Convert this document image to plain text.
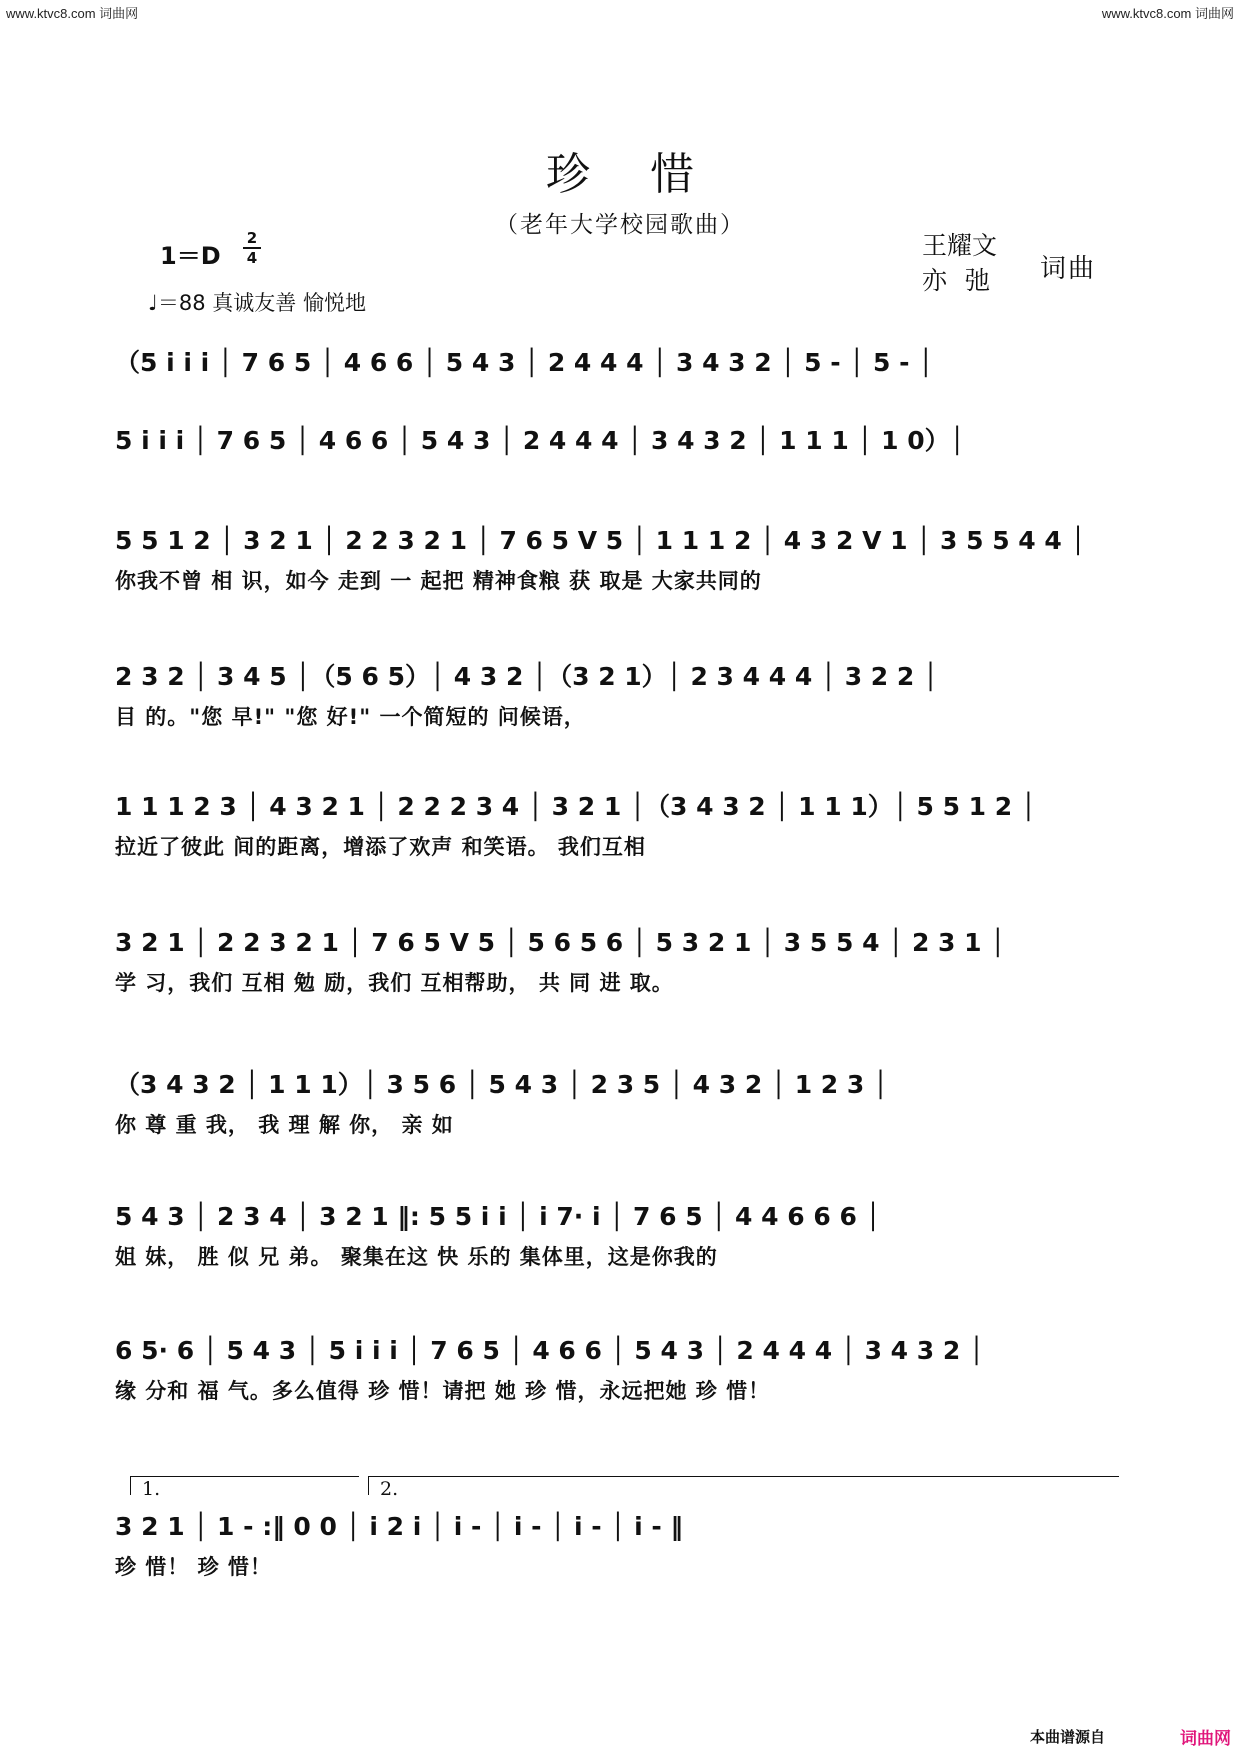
www.ktvc8.com 词曲网	www.ktvc8.com 词曲网
珍惜
（老年大学校园歌曲）
1＝D
2
4
♩＝88 真诚友善 愉悦地
王耀文
亦弛 词曲
（5 i i i │ 7 6 5 │ 4 6 6 │ 5 4 3 │ 2 4 4 4 │ 3 4 3 2 │ 5 - │ 5 - │
5 i i i │ 7 6 5 │ 4 6 6 │ 5 4 3 │ 2 4 4 4 │ 3 4 3 2 │ 1 1 1 │ 1 0）│
5 5 1 2 │ 3 2 1 │ 2 2 3 2 1 │ 7 6 5 V 5 │ 1 1 1 2 │ 4 3 2 V 1 │ 3 5 5 4 4 │
你我不曾 相 识，如今 走到 一 起把 精神食粮 获 取是 大家共同的
2 3 2 │ 3 4 5 │（5 6 5）│ 4 3 2 │（3 2 1）│ 2 3 4 4 4 │ 3 2 2 │
目 的。"您 早!" "您 好!" 一个简短的 问候语，
1 1 1 2 3 │ 4 3 2 1 │ 2 2 2 3 4 │ 3 2 1 │（3 4 3 2 │ 1 1 1）│ 5 5 1 2 │
拉近了彼此 间的距离，增添了欢声 和笑语。 我们互相
3 2 1 │ 2 2 3 2 1 │ 7 6 5 V 5 │ 5 6 5 6 │ 5 3 2 1 │ 3 5 5 4 │ 2 3 1 │
学 习，我们 互相 勉 励，我们 互相帮助， 共 同 进 取。
（3 4 3 2 │ 1 1 1）│ 3 5 6 │ 5 4 3 │ 2 3 5 │ 4 3 2 │ 1 2 3 │
你 尊 重 我， 我 理 解 你， 亲 如
5 4 3 │ 2 3 4 │ 3 2 1 ‖: 5 5 i i │ i 7· i │ 7 6 5 │ 4 4 6 6 6 │
姐 妹， 胜 似 兄 弟。 聚集在这 快 乐的 集体里，这是你我的
6 5· 6 │ 5 4 3 │ 5 i i i │ 7 6 5 │ 4 6 6 │ 5 4 3 │ 2 4 4 4 │ 3 4 3 2 │
缘 分和 福 气。多么值得 珍 惜！请把 她 珍 惜，永远把她 珍 惜！
1.	2.
3 2 1 │ 1 - :‖ 0 0 │ i 2 i │ i - │ i - │ i - │ i - ‖
珍 惜！ 珍 惜！
本曲谱源自	词曲网
